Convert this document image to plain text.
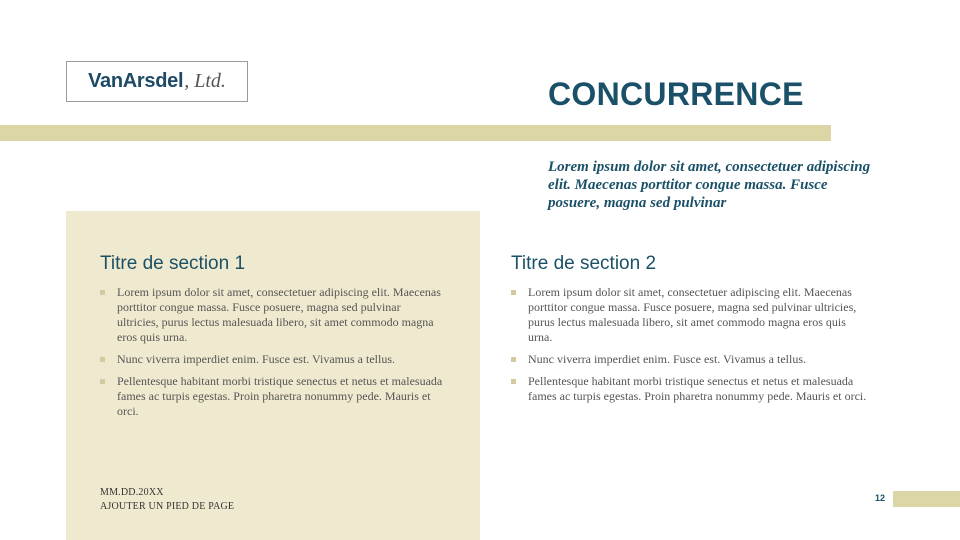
VanArsdel , Ltd.	CONCURRENCE
Lorem ipsum dolor sit amet, consectetuer adipiscing elit. Maecenas porttitor congue massa. Fusce posuere, magna sed pulvinar
Titre de section 1
Lorem ipsum dolor sit amet, consectetuer adipiscing elit. Maecenas porttitor congue massa. Fusce posuere, magna sed pulvinar ultricies, purus lectus malesuada libero, sit amet commodo magna eros quis urna.
Nunc viverra imperdiet enim. Fusce est. Vivamus a tellus.
Pellentesque habitant morbi tristique senectus et netus et malesuada fames ac turpis egestas. Proin pharetra nonummy pede. Mauris et orci.
Titre de section 2
Lorem ipsum dolor sit amet, consectetuer adipiscing elit. Maecenas porttitor congue massa. Fusce posuere, magna sed pulvinar ultricies, purus lectus malesuada libero, sit amet commodo magna eros quis urna.
Nunc viverra imperdiet enim. Fusce est. Vivamus a tellus.
Pellentesque habitant morbi tristique senectus et netus et malesuada fames ac turpis egestas. Proin pharetra nonummy pede. Mauris et orci.
MM.DD.20XX
AJOUTER UN PIED DE PAGE
12
